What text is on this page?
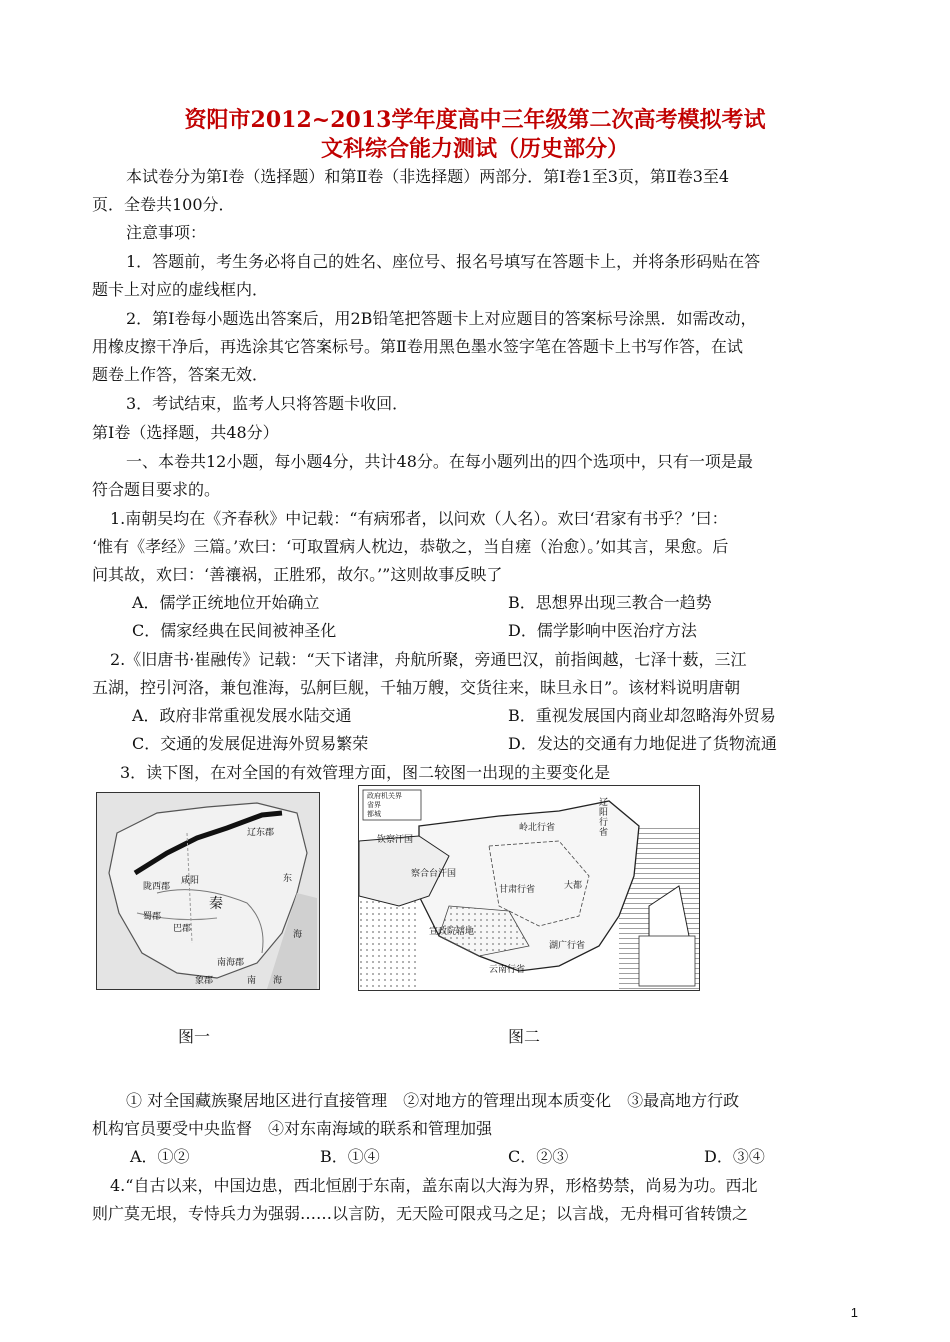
资阳市2012~2013学年度高中三年级第二次高考模拟考试
文科综合能力测试（历史部分）
本试卷分为第Ⅰ卷（选择题）和第Ⅱ卷（非选择题）两部分．第Ⅰ卷1至3页，第Ⅱ卷3至4
页．全卷共100分．
注意事项：
1．答题前，考生务必将自己的姓名、座位号、报名号填写在答题卡上，并将条形码贴在答
题卡上对应的虚线框内．
2．第Ⅰ卷每小题选出答案后，用2B铅笔把答题卡上对应题目的答案标号涂黑．如需改动，
用橡皮擦干净后，再选涂其它答案标号。第Ⅱ卷用黑色墨水签字笔在答题卡上书写作答，在试
题卷上作答，答案无效．
3．考试结束，监考人只将答题卡收回．
第Ⅰ卷（选择题，共48分）
一、本卷共12小题，每小题4分，共计48分。在每小题列出的四个选项中，只有一项是最
符合题目要求的。
1.南朝吴均在《齐春秋》中记载：“有病邪者，以问欢（人名）。欢曰‘君家有书乎？’曰：
‘惟有《孝经》三篇。’欢曰：‘可取置病人枕边，恭敬之，当自瘥（治愈）。’如其言，果愈。后
问其故，欢曰：‘善禳祸，正胜邪，故尔。’”这则故事反映了
A．儒学正统地位开始确立	B．思想界出现三教合一趋势
C．儒家经典在民间被神圣化	D．儒学影响中医治疗方法
2.《旧唐书·崔融传》记载：“天下诸津，舟航所聚，旁通巴汉，前指闽越，七泽十薮，三江
五湖，控引河洛，兼包淮海，弘舸巨舰，千轴万艘，交货往来，昧旦永日”。该材料说明唐朝
A．政府非常重视发展水陆交通	B．重视发展国内商业却忽略海外贸易
C．交通的发展促进海外贸易繁荣	D．发达的交通有力地促进了货物流通
3．读下图，在对全国的有效管理方面，图二较图一出现的主要变化是
辽东郡
陇西郡
咸阳
蜀郡
巴郡
南海郡
象郡
东
海
南 海
秦
政府机关界
省界
都城
辽阳行省
岭北行省
钦察汗国
察合台汗国
甘肃行省	大都
宣政院辖地
湖广行省
云南行省
图一	图二
① 对全国藏族聚居地区进行直接管理　②对地方的管理出现本质变化　③最高地方行政
机构官员要受中央监督　④对东南海域的联系和管理加强
A．①②	B．①④	C．②③	D．③④
4.“自古以来，中国边患，西北恒剧于东南，盖东南以大海为界，形格势禁，尚易为功。西北
则广莫无垠，专恃兵力为强弱……以言防，无天险可限戎马之足；以言战，无舟楫可省转馈之
1
